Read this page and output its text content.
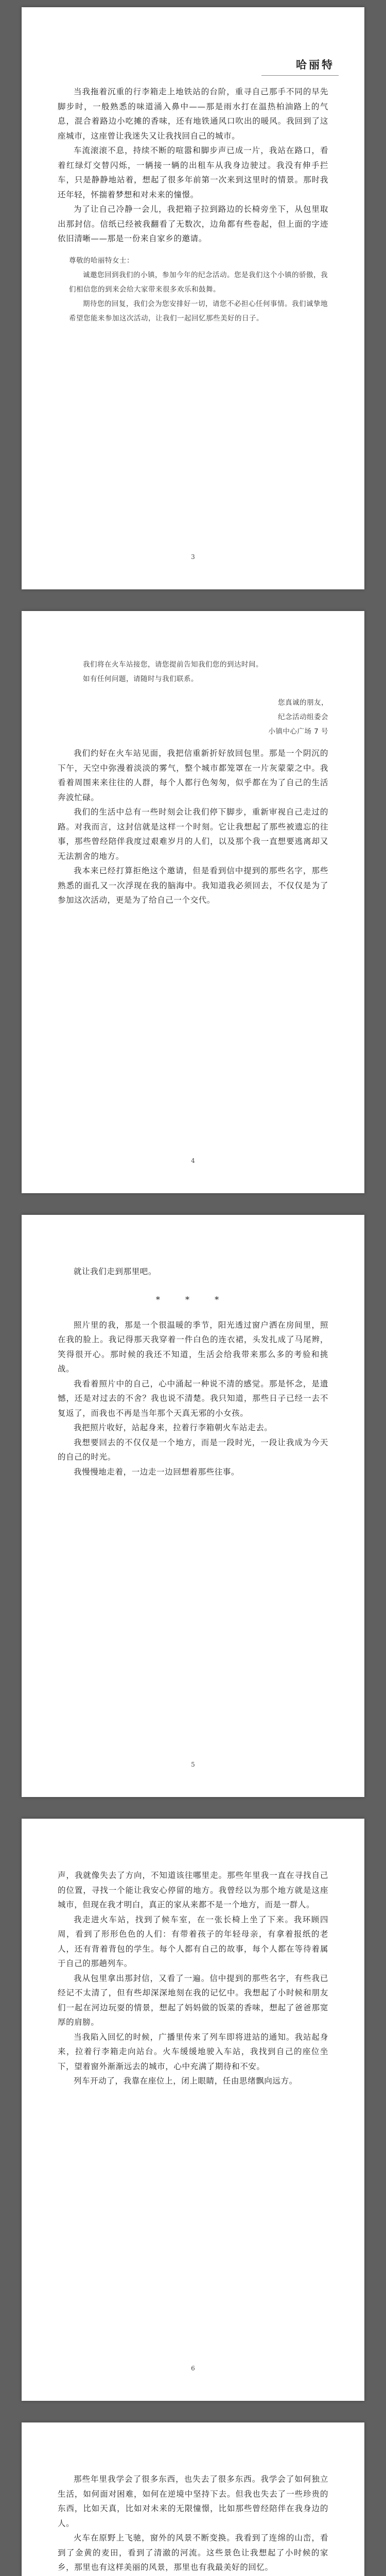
哈丽特

当我拖着沉重的行李箱走上地铁站的台阶，重寻自己那手不同的早先脚步时，一般熟悉的味道涌入鼻中——那是雨水打在温热柏油路上的气息，混合着路边小吃摊的香味，还有地铁通风口吹出的暖风。我回到了这座城市，这座曾让我迷失又让我找回自己的城市。

车流滚滚不息，持续不断的喧嚣和脚步声已成一片，我站在路口，看着红绿灯交替闪烁，一辆接一辆的出租车从我身边驶过。我没有伸手拦车，只是静静地站着，想起了很多年前第一次来到这里时的情景。那时我还年轻，怀揣着梦想和对未来的憧憬。

为了让自己冷静一会儿，我把箱子拉到路边的长椅旁坐下，从包里取出那封信。信纸已经被我翻看了无数次，边角都有些卷起，但上面的字迹依旧清晰——那是一份来自家乡的邀请。

尊敬的哈丽特女士：

诚邀您回到我们的小镇，参加今年的纪念活动。您是我们这个小镇的骄傲，我们相信您的到来会给大家带来很多欢乐和鼓舞。

期待您的回复，我们会为您安排好一切，请您不必担心任何事情。我们诚挚地希望您能来参加这次活动，让我们一起回忆那些美好的日子。

3

我们将在火车站接您，请您提前告知我们您的到达时间。

如有任何问题，请随时与我们联系。

您真诚的朋友，

纪念活动组委会

小镇中心广场 7 号

我们约好在火车站见面，我把信重新折好放回包里。那是一个阴沉的下午，天空中弥漫着淡淡的雾气，整个城市都笼罩在一片灰蒙蒙之中。我看着周围来来往往的人群，每个人都行色匆匆，似乎都在为了自己的生活奔波忙碌。

我们的生活中总有一些时刻会让我们停下脚步，重新审视自己走过的路。对我而言，这封信就是这样一个时刻。它让我想起了那些被遗忘的往事，那些曾经陪伴我度过艰难岁月的人们，以及那个我一直想要逃离却又无法割舍的地方。

我本来已经打算拒绝这个邀请，但是看到信中提到的那些名字，那些熟悉的面孔又一次浮现在我的脑海中。我知道我必须回去，不仅仅是为了参加这次活动，更是为了给自己一个交代。

4

就让我们走到那里吧。

* * *

照片里的我，那是一个很温暖的季节，阳光透过窗户洒在房间里，照在我的脸上。我记得那天我穿着一件白色的连衣裙，头发扎成了马尾辫，笑得很开心。那时候的我还不知道，生活会给我带来那么多的考验和挑战。

我看着照片中的自己，心中涌起一种说不清的感觉。那是怀念，是遗憾，还是对过去的不舍？我也说不清楚。我只知道，那些日子已经一去不复返了，而我也不再是当年那个天真无邪的小女孩。

我把照片收好，站起身来，拉着行李箱朝火车站走去。

我想要回去的不仅仅是一个地方，而是一段时光，一段让我成为今天的自己的时光。

我慢慢地走着，一边走一边回想着那些往事。

5

声，我就像失去了方向，不知道该往哪里走。那些年里我一直在寻找自己的位置，寻找一个能让我安心停留的地方。我曾经以为那个地方就是这座城市，但现在我才明白，真正的家从来都不是一个地方，而是一群人。

我走进火车站，找到了候车室，在一张长椅上坐了下来。我环顾四周，看到了形形色色的人们：有带着孩子的年轻母亲，有拿着报纸的老人，还有背着背包的学生。每个人都有自己的故事，每个人都在等待着属于自己的那趟列车。

我从包里拿出那封信，又看了一遍。信中提到的那些名字，有些我已经记不太清了，但有些却深深地刻在我的记忆中。我想起了小时候和朋友们一起在河边玩耍的情景，想起了妈妈做的饭菜的香味，想起了爸爸那宽厚的肩膀。

当我陷入回忆的时候，广播里传来了列车即将进站的通知。我站起身来，拉着行李箱走向站台。火车缓缓地驶入车站，我找到自己的座位坐下，望着窗外渐渐远去的城市，心中充满了期待和不安。

列车开动了，我靠在座位上，闭上眼睛，任由思绪飘向远方。

6

那些年里我学会了很多东西，也失去了很多东西。我学会了如何独立生活，如何面对困难，如何在逆境中坚持下去。但我也失去了一些珍贵的东西，比如天真，比如对未来的无限憧憬，比如那些曾经陪伴在我身边的人。

火车在原野上飞驰，窗外的风景不断变换。我看到了连绵的山峦，看到了金黄的麦田，看到了清澈的河流。这些景色让我想起了小时候的家乡，那里也有这样美丽的风景，那里也有我最美好的回忆。
